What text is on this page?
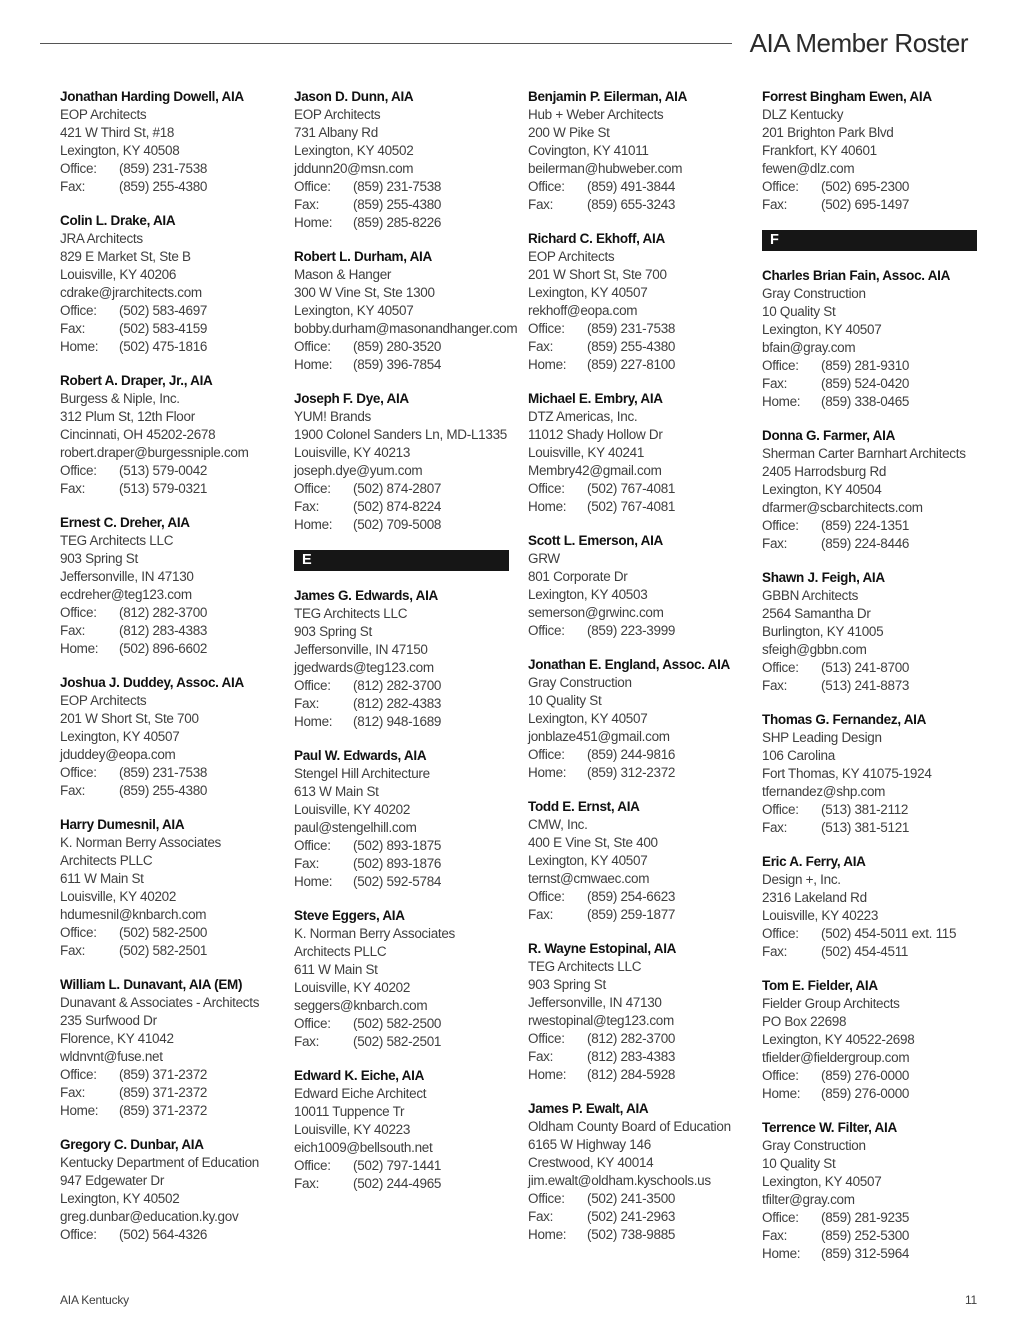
AIA Member Roster
Jonathan Harding Dowell, AIA
EOP Architects
421 W Third St, #18
Lexington, KY 40508
Office: (859) 231-7538
Fax:	(859) 255-4380
Colin L. Drake, AIA
JRA Architects
829 E Market St, Ste B
Louisville, KY 40206
cdrake@jrarchitects.com
Office: (502) 583-4697
Fax:	(502) 583-4159
Home: (502) 475-1816
Robert A. Draper, Jr., AIA
Burgess & Niple, Inc.
312 Plum St, 12th Floor
Cincinnati, OH 45202-2678
robert.draper@burgessniple.com
Office: (513) 579-0042
Fax:	(513) 579-0321
Ernest C. Dreher, AIA
TEG Architects LLC
903 Spring St
Jeffersonville, IN 47130
ecdreher@teg123.com
Office: (812) 282-3700
Fax:	(812) 283-4383
Home: (502) 896-6602
Joshua J. Duddey, Assoc. AIA
EOP Architects
201 W Short St, Ste 700
Lexington, KY 40507
jduddey@eopa.com
Office: (859) 231-7538
Fax:	(859) 255-4380
Harry Dumesnil, AIA
K. Norman Berry Associates
Architects PLLC
611 W Main St
Louisville, KY 40202
hdumesnil@knbarch.com
Office: (502) 582-2500
Fax:	(502) 582-2501
William L. Dunavant, AIA (EM)
Dunavant & Associates - Architects
235 Surfwood Dr
Florence, KY 41042
wldnvnt@fuse.net
Office: (859) 371-2372
Fax:	(859) 371-2372
Home: (859) 371-2372
Gregory C. Dunbar, AIA
Kentucky Department of Education
947 Edgewater Dr
Lexington, KY 40502
greg.dunbar@education.ky.gov
Office: (502) 564-4326
Jason D. Dunn, AIA
EOP Architects
731 Albany Rd
Lexington, KY 40502
jddunn20@msn.com
Office: (859) 231-7538
Fax:	(859) 255-4380
Home: (859) 285-8226
Robert L. Durham, AIA
Mason & Hanger
300 W Vine St, Ste 1300
Lexington, KY 40507
bobby.durham@masonandhanger.com
Office: (859) 280-3520
Home: (859) 396-7854
Joseph F. Dye, AIA
YUM! Brands
1900 Colonel Sanders Ln, MD-L1335
Louisville, KY 40213
joseph.dye@yum.com
Office: (502) 874-2807
Fax:	(502) 874-8224
Home: (502) 709-5008
E
James G. Edwards, AIA
TEG Architects LLC
903 Spring St
Jeffersonville, IN 47150
jgedwards@teg123.com
Office: (812) 282-3700
Fax:	(812) 282-4383
Home: (812) 948-1689
Paul W. Edwards, AIA
Stengel Hill Architecture
613 W Main St
Louisville, KY 40202
paul@stengelhill.com
Office: (502) 893-1875
Fax:	(502) 893-1876
Home: (502) 592-5784
Steve Eggers, AIA
K. Norman Berry Associates
Architects PLLC
611 W Main St
Louisville, KY 40202
seggers@knbarch.com
Office: (502) 582-2500
Fax:	(502) 582-2501
Edward K. Eiche, AIA
Edward Eiche Architect
10011 Tuppence Tr
Louisville, KY 40223
eich1009@bellsouth.net
Office: (502) 797-1441
Fax:	(502) 244-4965
Benjamin P. Eilerman, AIA
Hub + Weber Architects
200 W Pike St
Covington, KY 41011
beilerman@hubweber.com
Office: (859) 491-3844
Fax:	(859) 655-3243
Richard C. Ekhoff, AIA
EOP Architects
201 W Short St, Ste 700
Lexington, KY 40507
rekhoff@eopa.com
Office: (859) 231-7538
Fax:	(859) 255-4380
Home: (859) 227-8100
Michael E. Embry, AIA
DTZ Americas, Inc.
11012 Shady Hollow Dr
Louisville, KY 40241
Membry42@gmail.com
Office: (502) 767-4081
Home: (502) 767-4081
Scott L. Emerson, AIA
GRW
801 Corporate Dr
Lexington, KY 40503
semerson@grwinc.com
Office: (859) 223-3999
Jonathan E. England, Assoc. AIA
Gray Construction
10 Quality St
Lexington, KY 40507
jonblaze451@gmail.com
Office: (859) 244-9816
Home: (859) 312-2372
Todd E. Ernst, AIA
CMW, Inc.
400 E Vine St, Ste 400
Lexington, KY 40507
ternst@cmwaec.com
Office: (859) 254-6623
Fax:	(859) 259-1877
R. Wayne Estopinal, AIA
TEG Architects LLC
903 Spring St
Jeffersonville, IN 47130
rwestopinal@teg123.com
Office: (812) 282-3700
Fax:	(812) 283-4383
Home: (812) 284-5928
James P. Ewalt, AIA
Oldham County Board of Education
6165 W Highway 146
Crestwood, KY 40014
jim.ewalt@oldham.kyschools.us
Office: (502) 241-3500
Fax:	(502) 241-2963
Home: (502) 738-9885
Forrest Bingham Ewen, AIA
DLZ Kentucky
201 Brighton Park Blvd
Frankfort, KY 40601
fewen@dlz.com
Office: (502) 695-2300
Fax:	(502) 695-1497
F
Charles Brian Fain, Assoc. AIA
Gray Construction
10 Quality St
Lexington, KY 40507
bfain@gray.com
Office: (859) 281-9310
Fax:	(859) 524-0420
Home: (859) 338-0465
Donna G. Farmer, AIA
Sherman Carter Barnhart Architects
2405 Harrodsburg Rd
Lexington, KY 40504
dfarmer@scbarchitects.com
Office: (859) 224-1351
Fax:	(859) 224-8446
Shawn J. Feigh, AIA
GBBN Architects
2564 Samantha Dr
Burlington, KY 41005
sfeigh@gbbn.com
Office: (513) 241-8700
Fax:	(513) 241-8873
Thomas G. Fernandez, AIA
SHP Leading Design
106 Carolina
Fort Thomas, KY 41075-1924
tfernandez@shp.com
Office: (513) 381-2112
Fax:	(513) 381-5121
Eric A. Ferry, AIA
Design +, Inc.
2316 Lakeland Rd
Louisville, KY 40223
Office: (502) 454-5011 ext. 115
Fax:	(502) 454-4511
Tom E. Fielder, AIA
Fielder Group Architects
PO Box 22698
Lexington, KY 40522-2698
tfielder@fieldergroup.com
Office: (859) 276-0000
Home: (859) 276-0000
Terrence W. Filter, AIA
Gray Construction
10 Quality St
Lexington, KY 40507
tfilter@gray.com
Office: (859) 281-9235
Fax:	(859) 252-5300
Home: (859) 312-5964
AIA Kentucky	11
